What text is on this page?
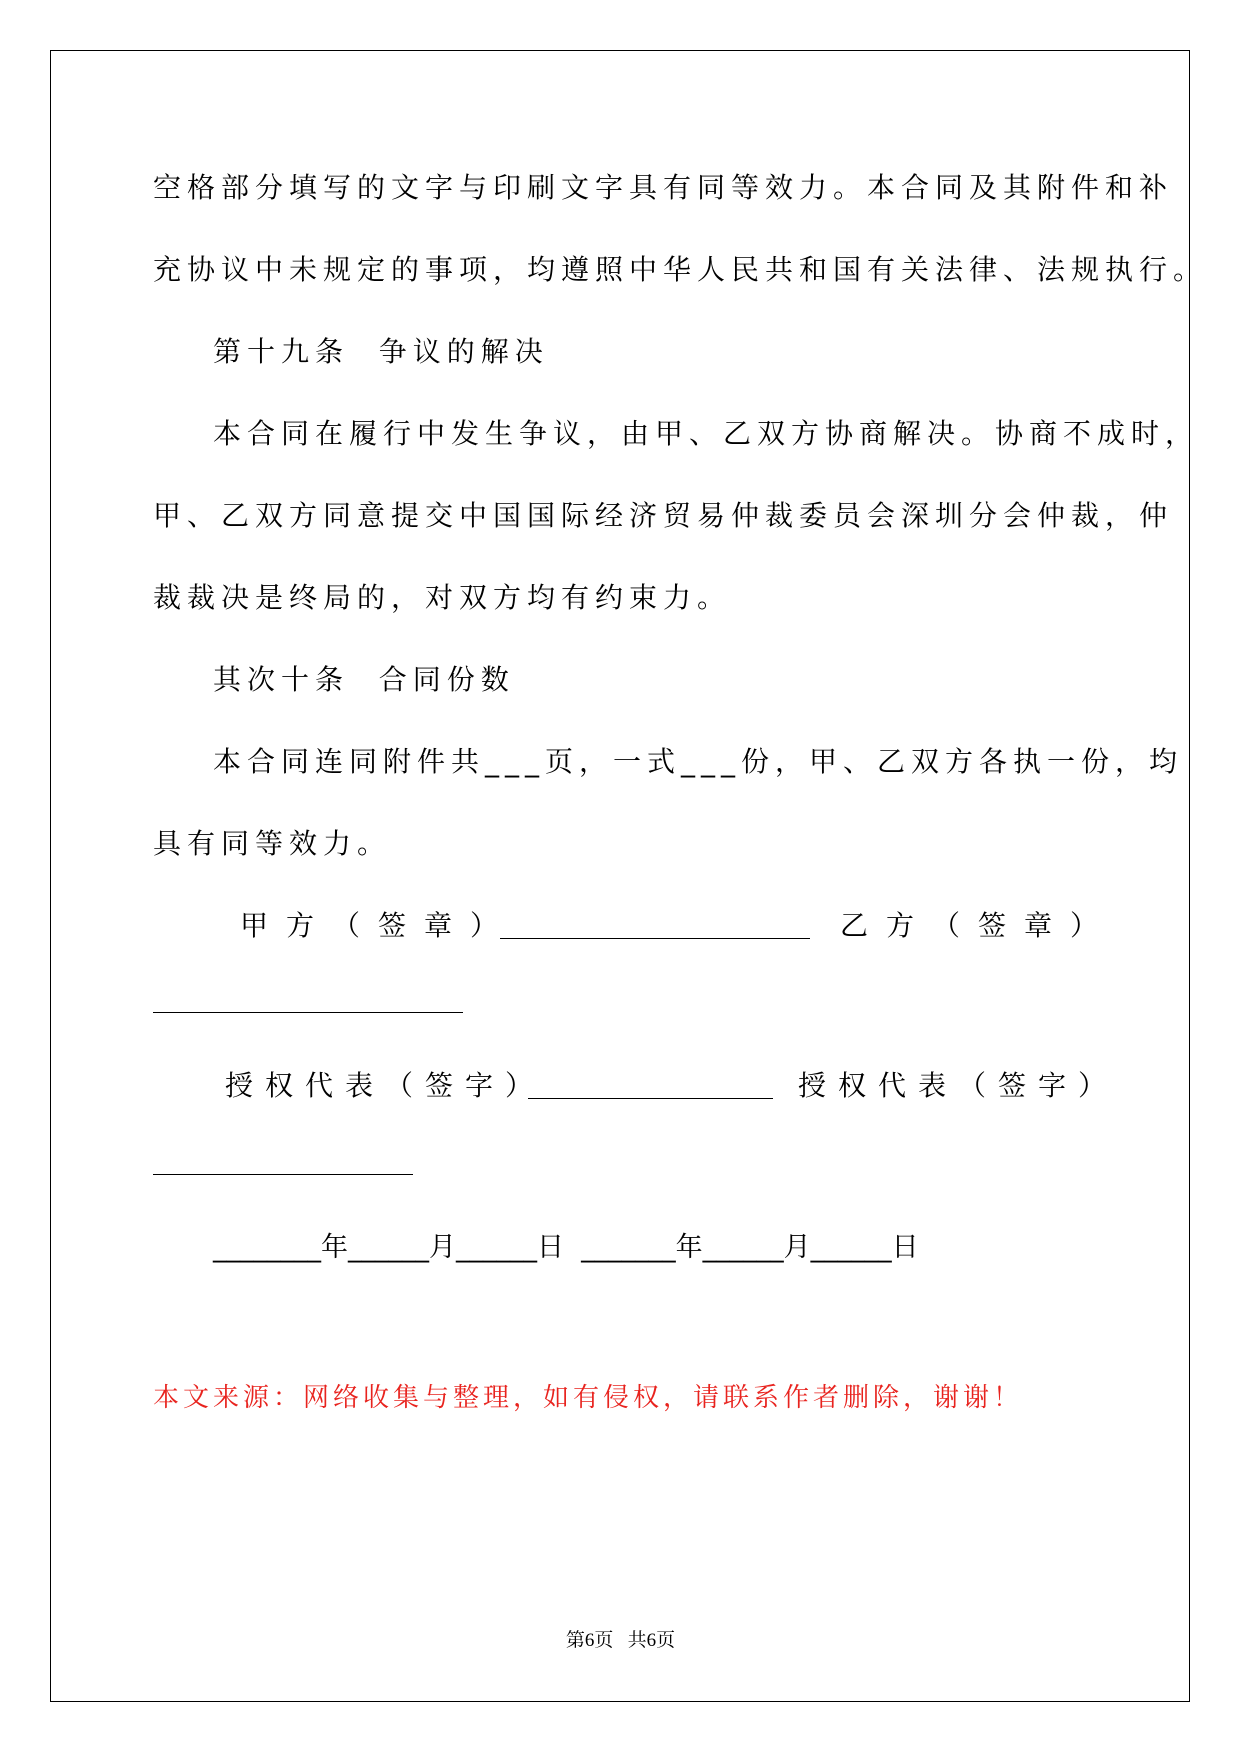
空格部分填写的文字与印刷文字具有同等效力。本合同及其附件和补
充协议中未规定的事项，均遵照中华人民共和国有关法律、法规执行。
第十九条  争议的解决
本合同在履行中发生争议，由甲、乙双方协商解决。协商不成时，
甲、乙双方同意提交中国国际经济贸易仲裁委员会深圳分会仲裁，仲
裁裁决是终局的，对双方均有约束力。
其次十条  合同份数
本合同连同附件共___页，一式___份，甲、乙双方各执一份，均
具有同等效力。
甲方（签章）	乙方（签章）
授权代表（签字）	授权代表（签字）
________年______月______日  _______年______月______日
本文来源：网络收集与整理，如有侵权，请联系作者删除，谢谢！
第6页   共6页
